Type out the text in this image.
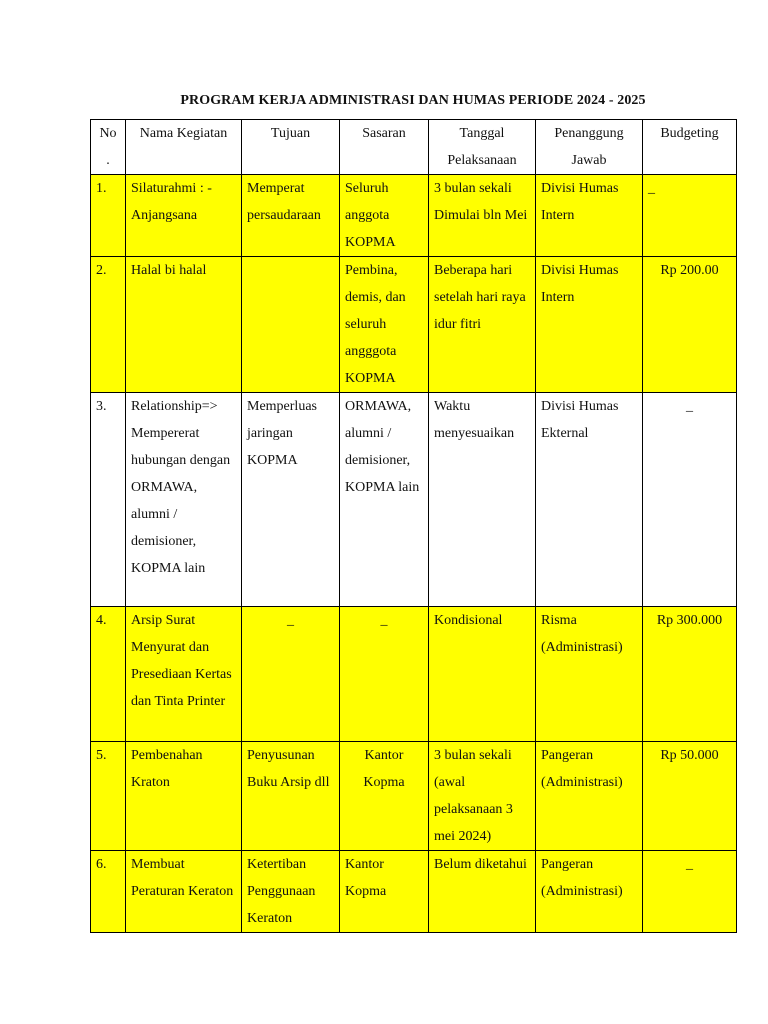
PROGRAM KERJA ADMINISTRASI DAN HUMAS PERIODE 2024 - 2025
No .	Nama Kegiatan	Tujuan	Sasaran	Tanggal Pelaksanaan	Penanggung Jawab	Budgeting
1.	Silaturahmi : -Anjangsana	Memperat persaudaraan	Seluruh anggota KOPMA	3 bulan sekali Dimulai bln Mei	Divisi Humas Intern	_
2.	Halal bi halal		Pembina, demis, dan seluruh angggota KOPMA	Beberapa hari setelah hari raya idur fitri	Divisi Humas Intern	Rp 200.00
3.	Relationship=> Mempererat hubungan dengan ORMAWA, alumni / demisioner, KOPMA lain	Memperluas jaringan KOPMA	ORMAWA, alumni / demisioner, KOPMA lain	Waktu menyesuaikan	Divisi Humas Ekternal	_
4.	Arsip Surat Menyurat dan Presediaan Kertas dan Tinta Printer	_	_	Kondisional	Risma (Administrasi)	Rp 300.000
5.	Pembenahan Kraton	Penyusunan Buku Arsip dll	Kantor Kopma	3 bulan sekali (awal pelaksanaan 3 mei 2024)	Pangeran (Administrasi)	Rp 50.000
6.	Membuat Peraturan Keraton	Ketertiban Penggunaan Keraton	Kantor Kopma	Belum diketahui	Pangeran (Administrasi)	_
